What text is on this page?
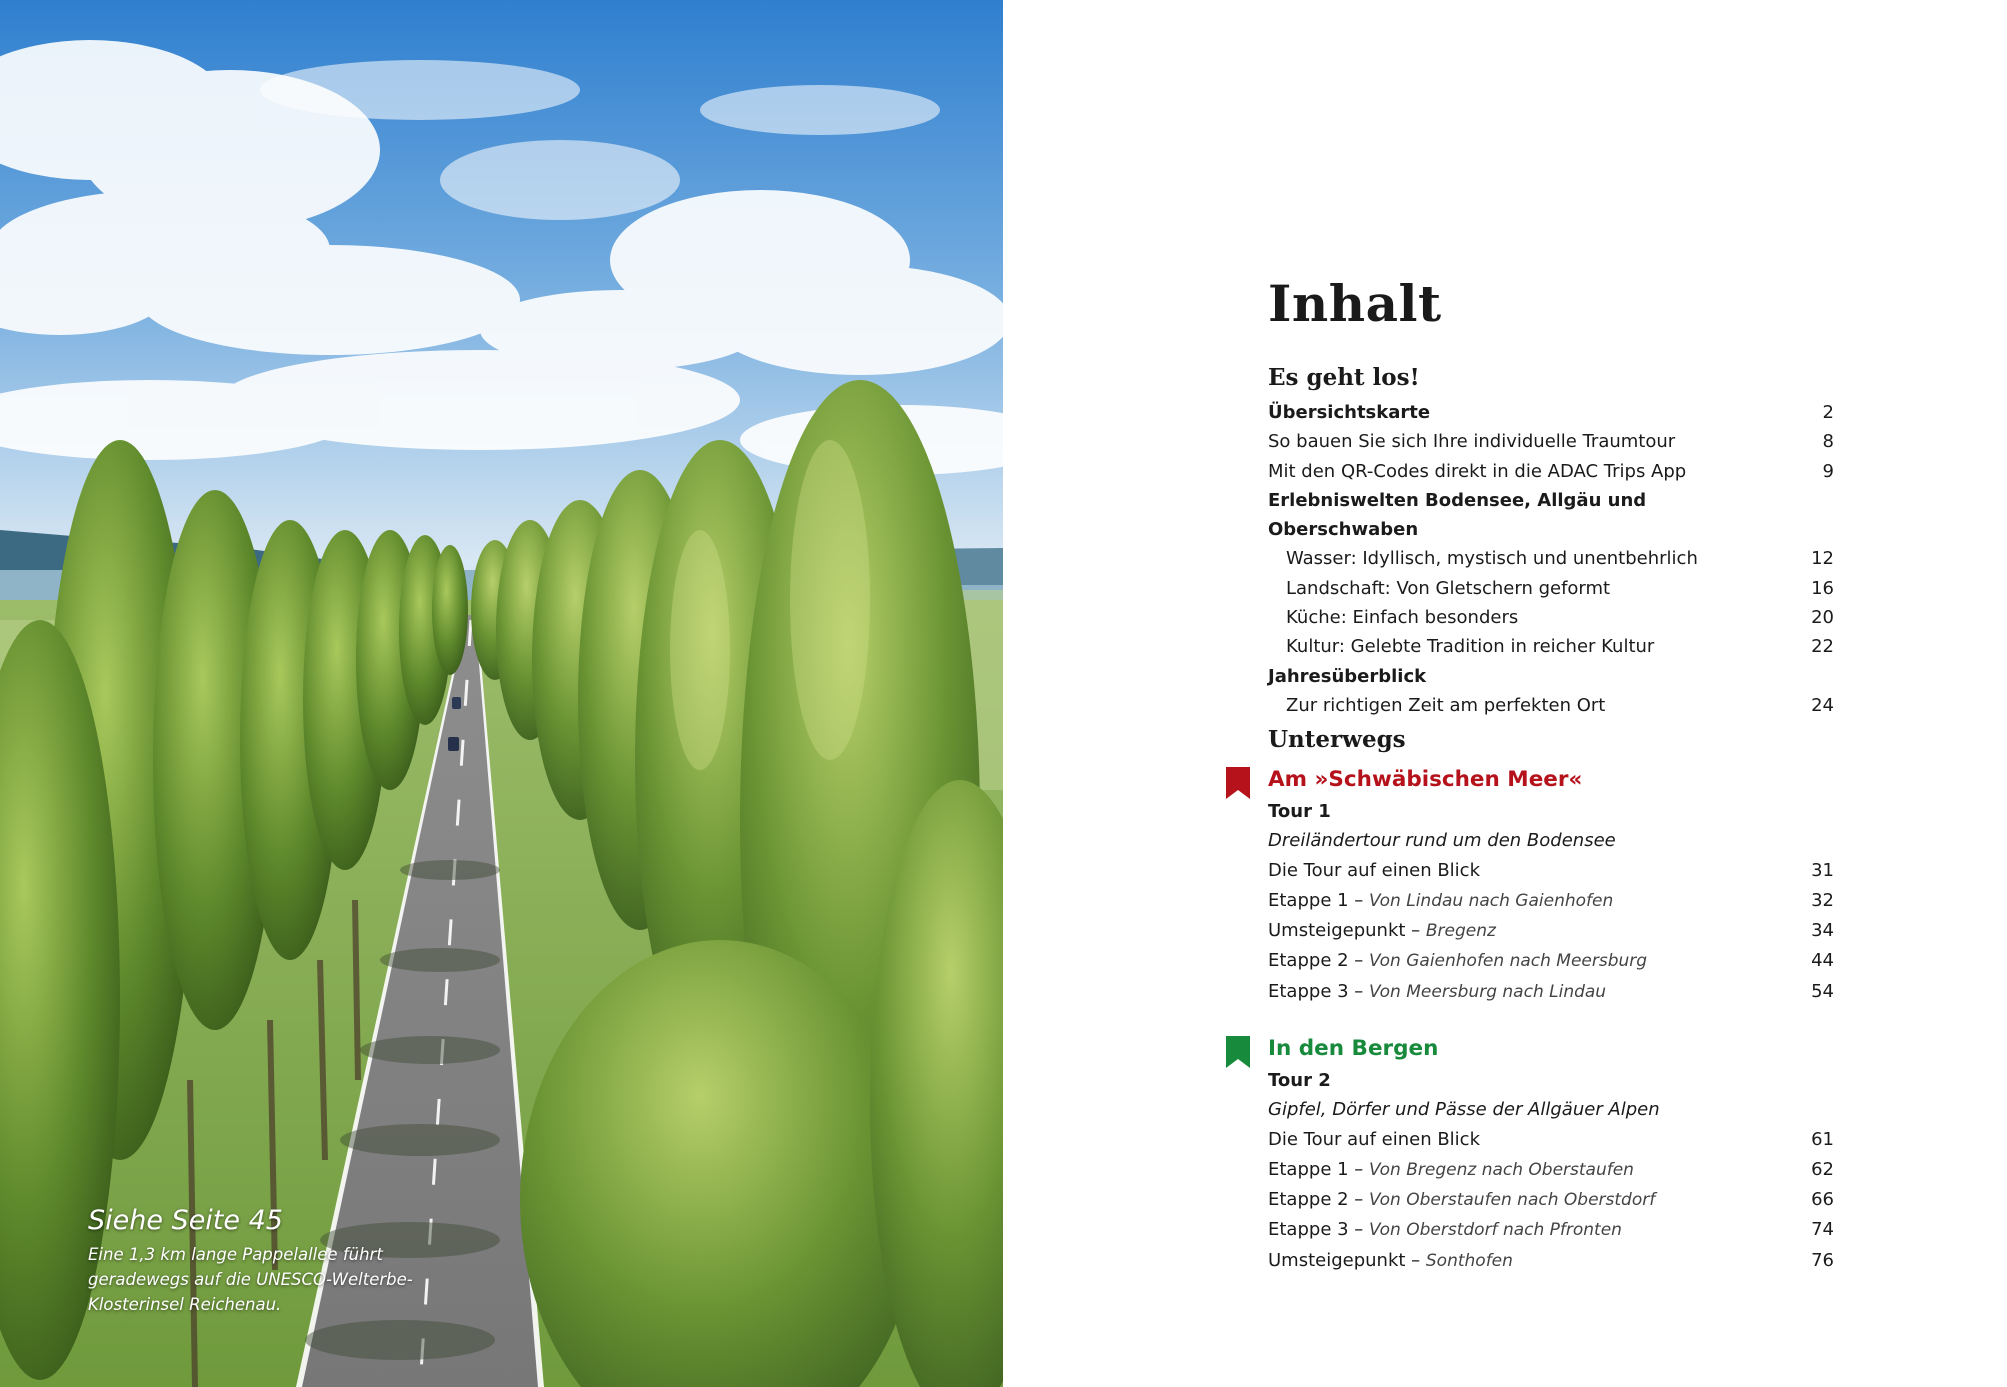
Siehe Seite 45
Eine 1,3 km lange Pappelallee führt geradewegs auf die UNESCO-Welterbe-Klosterinsel Reichenau.
Inhalt
Es geht los!
Übersichtskarte	2
So bauen Sie sich Ihre individuelle Traumtour	8
Mit den QR-Codes direkt in die ADAC Trips App	9
Erlebniswelten Bodensee, Allgäu und Oberschwaben
Wasser: Idyllisch, mystisch und unentbehrlich	12
Landschaft: Von Gletschern geformt	16
Küche: Einfach besonders	20
Kultur: Gelebte Tradition in reicher Kultur	22
Jahresüberblick
Zur richtigen Zeit am perfekten Ort	24
Unterwegs
Am »Schwäbischen Meer«
Tour 1
Dreiländertour rund um den Bodensee
Die Tour auf einen Blick	31
Etappe 1 – Von Lindau nach Gaienhofen	32
Umsteigepunkt – Bregenz	34
Etappe 2 – Von Gaienhofen nach Meersburg	44
Etappe 3 – Von Meersburg nach Lindau	54
In den Bergen
Tour 2
Gipfel, Dörfer und Pässe der Allgäuer Alpen
Die Tour auf einen Blick	61
Etappe 1 – Von Bregenz nach Oberstaufen	62
Etappe 2 – Von Oberstaufen nach Oberstdorf	66
Etappe 3 – Von Oberstdorf nach Pfronten	74
Umsteigepunkt – Sonthofen	76
